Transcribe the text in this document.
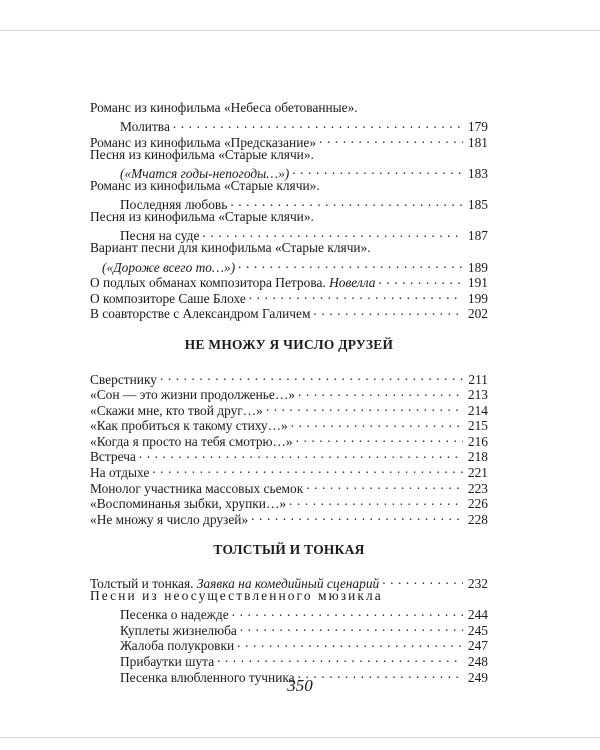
Романс из кинофильма «Небеса обетованные».
Молитва . . .	179
Романс из кинофильма «Предсказание» . . .	181
Песня из кинофильма «Старые клячи».
(«Мчатся годы-непогоды…») . . .	183
Романс из кинофильма «Старые клячи».
Последняя любовь . . .	185
Песня из кинофильма «Старые клячи».
Песня на суде . . .	187
Вариант песни для кинофильма «Старые клячи».
(«Дороже всего то…») . . .	189
О подлых обманах композитора Петрова. Новелла . . .	191
О композиторе Саше Блохе . . .	199
В соавторстве с Александром Галичем . . .	202
НЕ МНОЖУ Я ЧИСЛО ДРУЗЕЙ
Сверстнику . . .	211
«Сон — это жизни продолженье…» . . .	213
«Скажи мне, кто твой друг…» . . .	214
«Как пробиться к такому стиху…» . . .	215
«Когда я просто на тебя смотрю…» . . .	216
Встреча . . .	218
На отдыхе . . .	221
Монолог участника массовых сьемок . . .	223
«Воспоминанья зыбки, хрупки…» . . .	226
«Не множу я число друзей» . . .	228
ТОЛСТЫЙ И ТОНКАЯ
Толстый и тонкая. Заявка на комедийный сценарий . . .	232
Песни из неосуществленного мюзикла
Песенка о надежде . . .	244
Куплеты жизнелюба . . .	245
Жалоба полукровки . . .	247
Прибаутки шута . . .	248
Песенка влюбленного тучника . . .	249
350
